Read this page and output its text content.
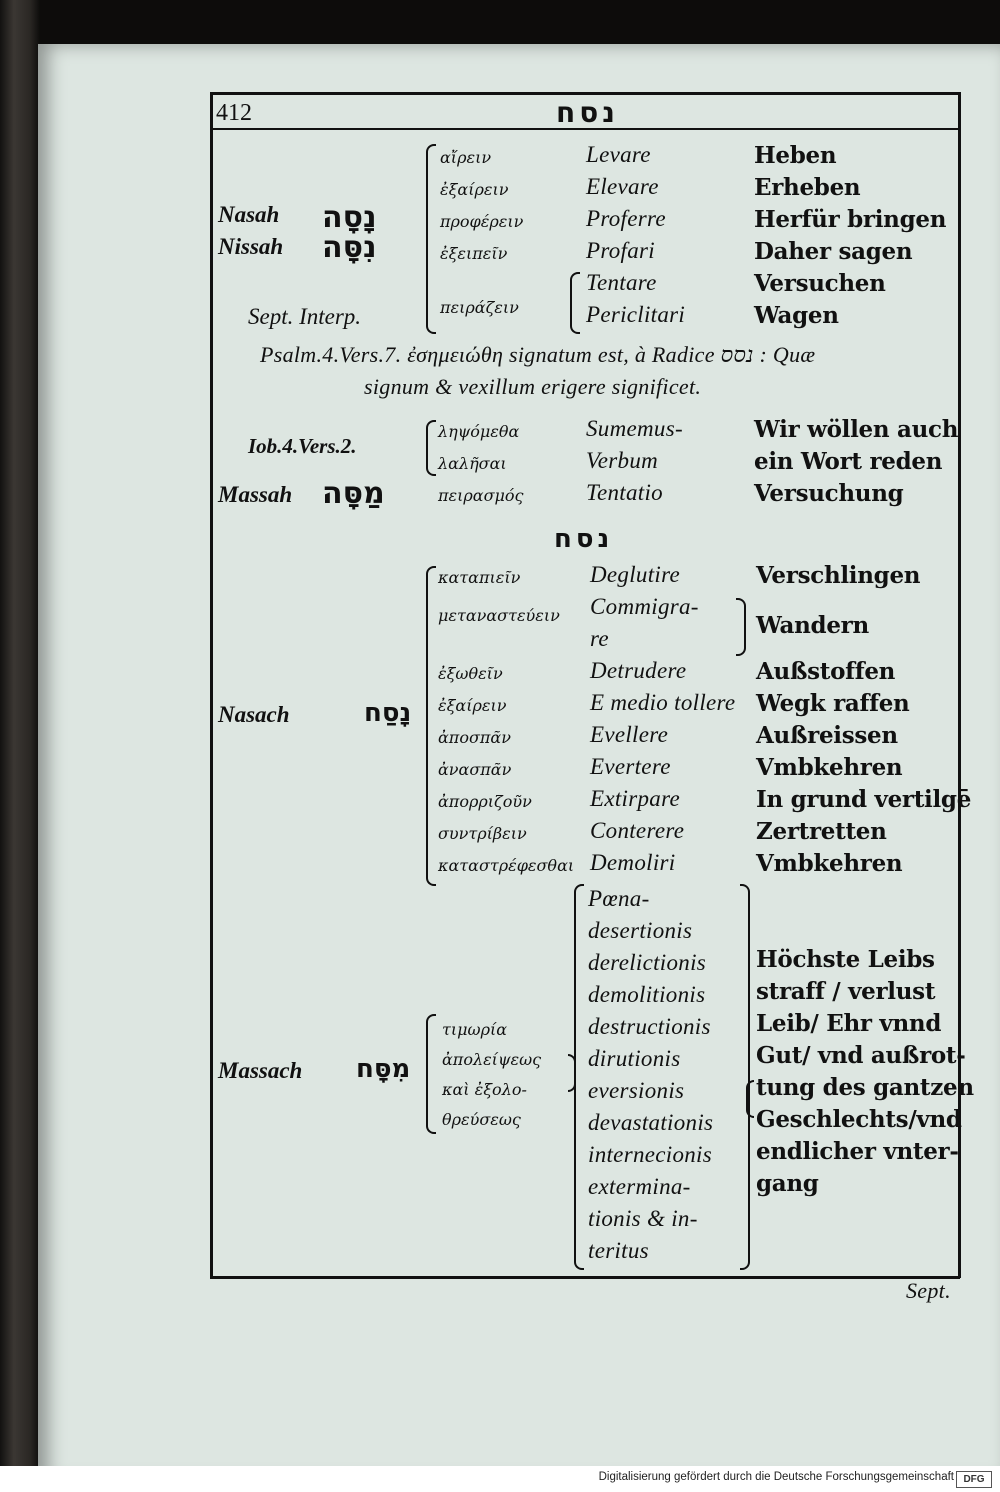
412	נסח
Nasah
Nissah
Sept. Interp.
נָסָה
נִסָּה
αἴρειν
ἐξαίρειν
προφέρειν
ἐξειπεῖν
πειράζειν
Levare
Elevare
Proferre
Profari
Tentare
Periclitari
Heben
Erheben
Herfür bringen
Daher sagen
Versuchen
Wagen
Psalm.4.Vers.7. ἐσημειώθη signatum est, à Radice נסס : Quæ
signum & vexillum erigere significet.
Iob.4.Vers.2.
Massah מַסָּה
ληψόμεθα
λαλῆσαι
πειρασμός
Sumemus-
Verbum
Tentatio
Wir wöllen auch
ein Wort reden
Versuchung
נסח
Nasach	נָסַח
καταπιεῖν
μεταναστεύειν
ἐξωθεῖν
ἐξαίρειν
ἀποσπᾶν
ἀνασπᾶν
ἀπορριζοῦν
συντρίβειν
καταστρέφεσθαι
Deglutire
Commigra-
re
Detrudere
E medio tollere
Evellere
Evertere
Extirpare
Conterere
Demoliri
Verschlingen
Wandern
Außstoffen
Wegk raffen
Außreissen
Vmbkehren
In grund vertilgē
Zertretten
Vmbkehren
Massach מִסָּח
τιμωρία
ἀπολείψεως
καὶ ἐξολο-
θρεύσεως
Pœna-
desertionis
derelictionis
demolitionis
destructionis
dirutionis
eversionis
devastationis
internecionis
extermina-
tionis & in-
teritus
Höchste Leibs
straff / verlust
Leib/ Ehr vnnd
Gut/ vnd außrot-
tung des gantzen
Geschlechts/vnd
endlicher vnter-
gang
Sept.
Digitalisierung gefördert durch die Deutsche Forschungsgemeinschaft DFG
